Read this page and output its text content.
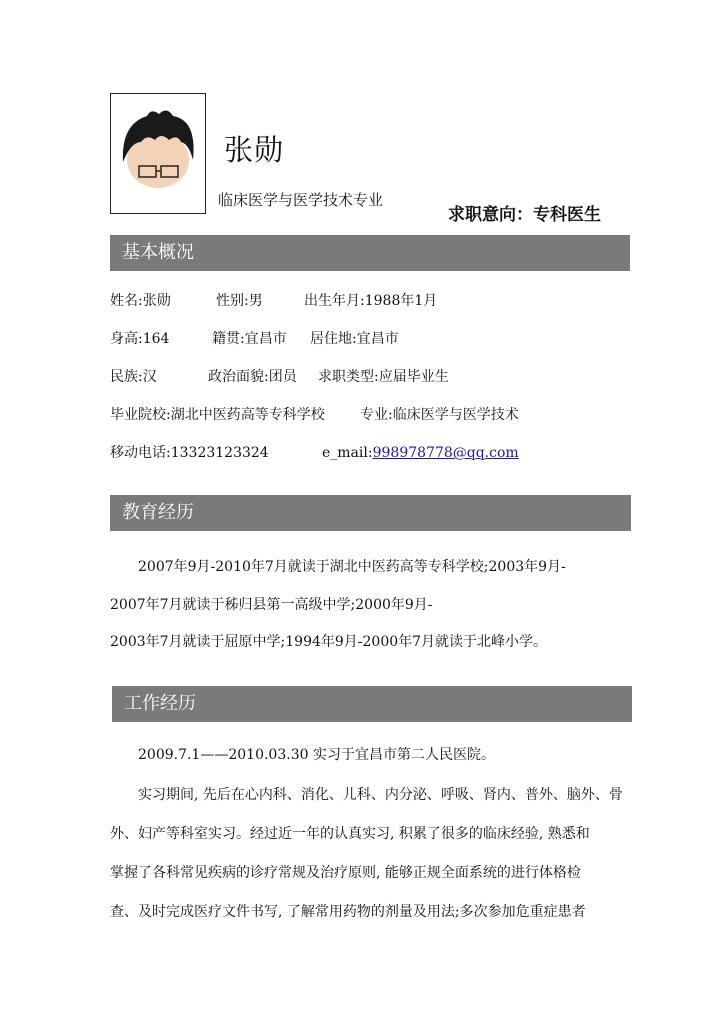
张勋
临床医学与医学技术专业
求职意向：专科医生
基本概况
姓名:张勋	性别:男	出生年月:1988年1月
身高:164	籍贯:宜昌市 居住地:宜昌市
民族:汉	政治面貌:团员 求职类型:应届毕业生
毕业院校:湖北中医药高等专科学校	专业:临床医学与医学技术
移动电话:13323123324	e_mail:998978778@qq.com
教育经历
2007年9月-2010年7月就读于湖北中医药高等专科学校;2003年9月-
2007年7月就读于秭归县第一高级中学;2000年9月-
2003年7月就读于屈原中学;1994年9月-2000年7月就读于北峰小学。
工作经历
2009.7.1——2010.03.30 实习于宜昌市第二人民医院。
实习期间, 先后在心内科、消化、儿科、内分泌、呼吸、肾内、普外、脑外、骨
外、妇产等科室实习。经过近一年的认真实习, 积累了很多的临床经验, 熟悉和
掌握了各科常见疾病的诊疗常规及治疗原则, 能够正规全面系统的进行体格检
查、及时完成医疗文件书写, 了解常用药物的剂量及用法;多次参加危重症患者
